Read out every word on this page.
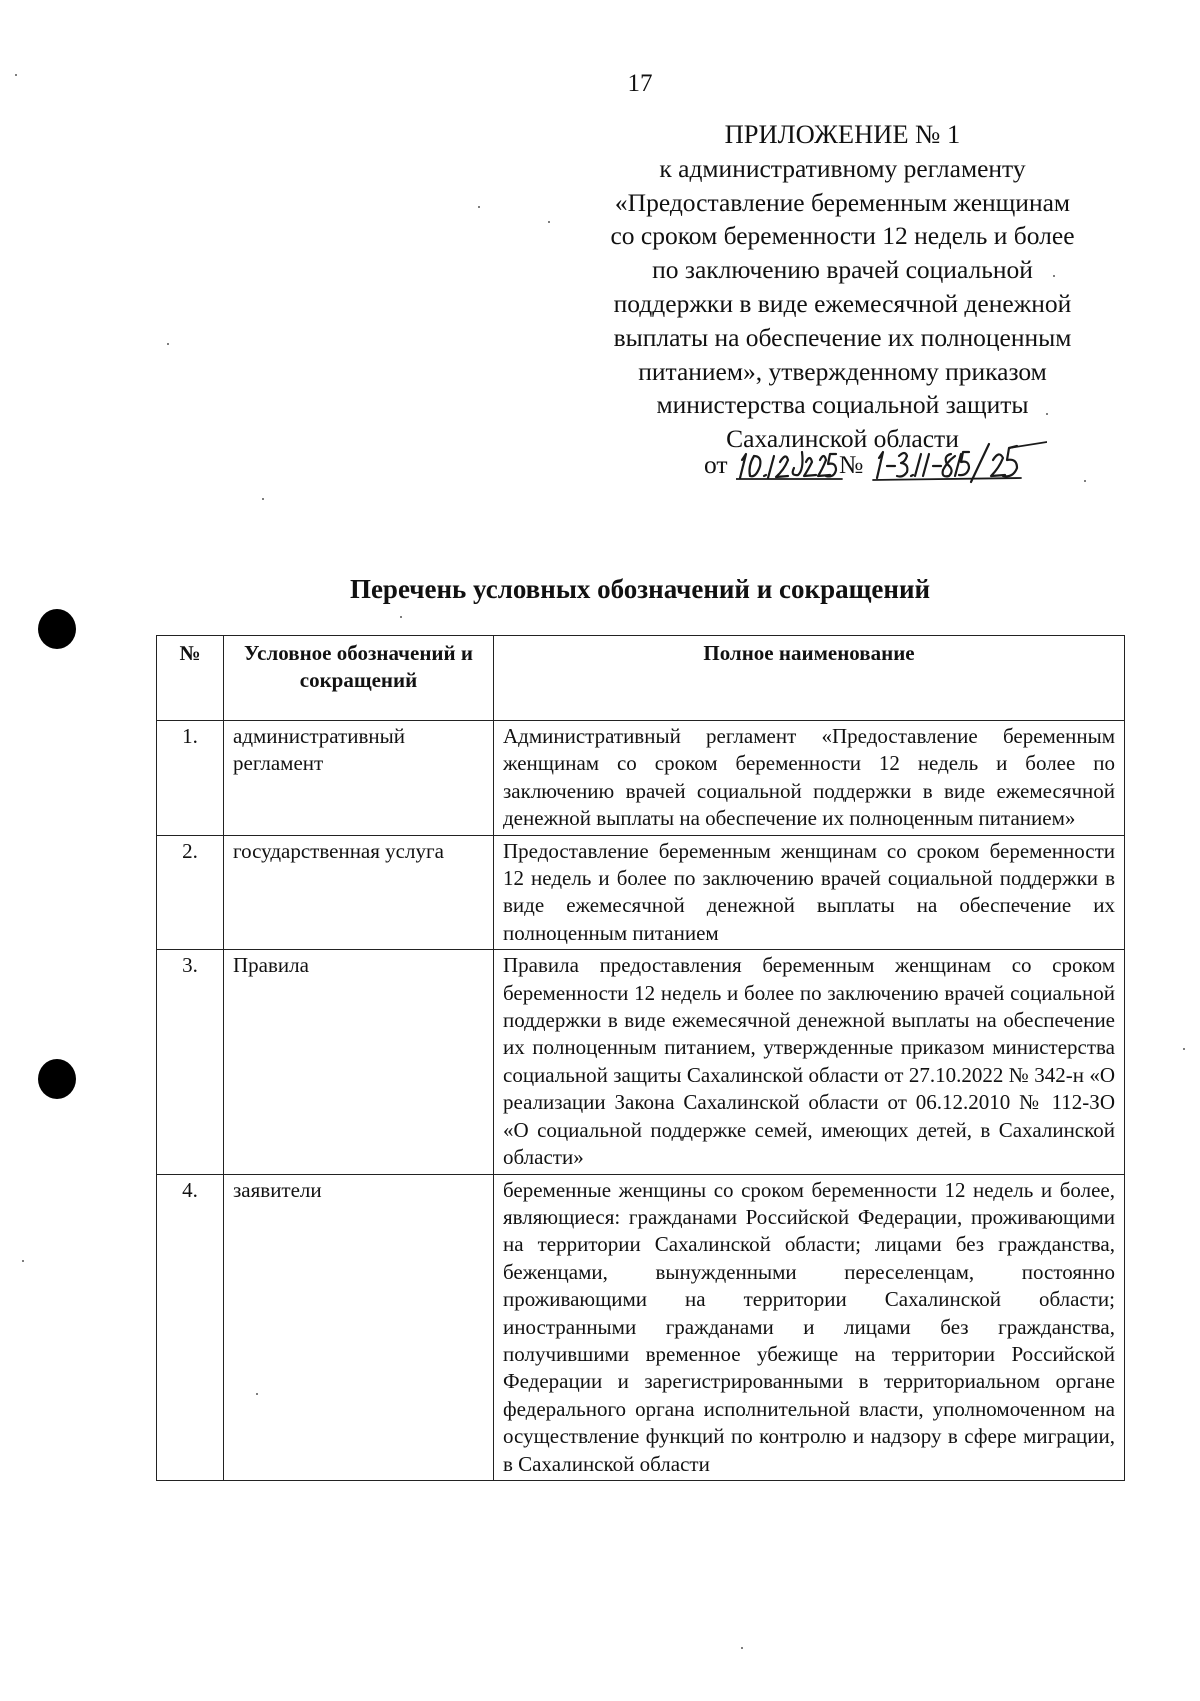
17
ПРИЛОЖЕНИЕ № 1
к административному регламенту
«Предоставление беременным женщинам
со сроком беременности 12 недель и более
по заключению врачей социальной
поддержки в виде ежемесячной денежной
выплаты на обеспечение их полноценным
питанием», утвержденному приказом
министерства социальной защиты
Сахалинской области
от	№
Перечень условных обозначений и сокращений
№	Условное обозначений и сокращений	Полное наименование
1.	административный регламент	Административный регламент «Предоставление беременным женщинам со сроком беременности 12 недель и более по заключению врачей социальной поддержки в виде ежемесячной денежной выплаты на обеспечение их полноценным питанием»
2.	государственная услуга	Предоставление беременным женщинам со сроком беременности 12 недель и более по заключению врачей социальной поддержки в виде ежемесячной денежной выплаты на обеспечение их полноценным питанием
3.	Правила	Правила предоставления беременным женщинам со сроком беременности 12 недель и более по заключению врачей социальной поддержки в виде ежемесячной денежной выплаты на обеспечение их полноценным питанием, утвержденные приказом министерства социальной защиты Сахалинской области от 27.10.2022 № 342-н «О реализации Закона Сахалинской области от 06.12.2010 № 112-ЗО «О социальной поддержке семей, имеющих детей, в Сахалинской области»
4.	заявители	беременные женщины со сроком беременности 12 недель и более, являющиеся: гражданами Российской Федерации, проживающими на территории Сахалинской области; лицами без гражданства, беженцами, вынужденными переселенцам, постоянно проживающими на территории Сахалинской области; иностранными гражданами и лицами без гражданства, получившими временное убежище на территории Российской Федерации и зарегистрированными в территориальном органе федерального органа исполнительной власти, уполномоченном на осуществление функций по контролю и надзору в сфере миграции, в Сахалинской области
